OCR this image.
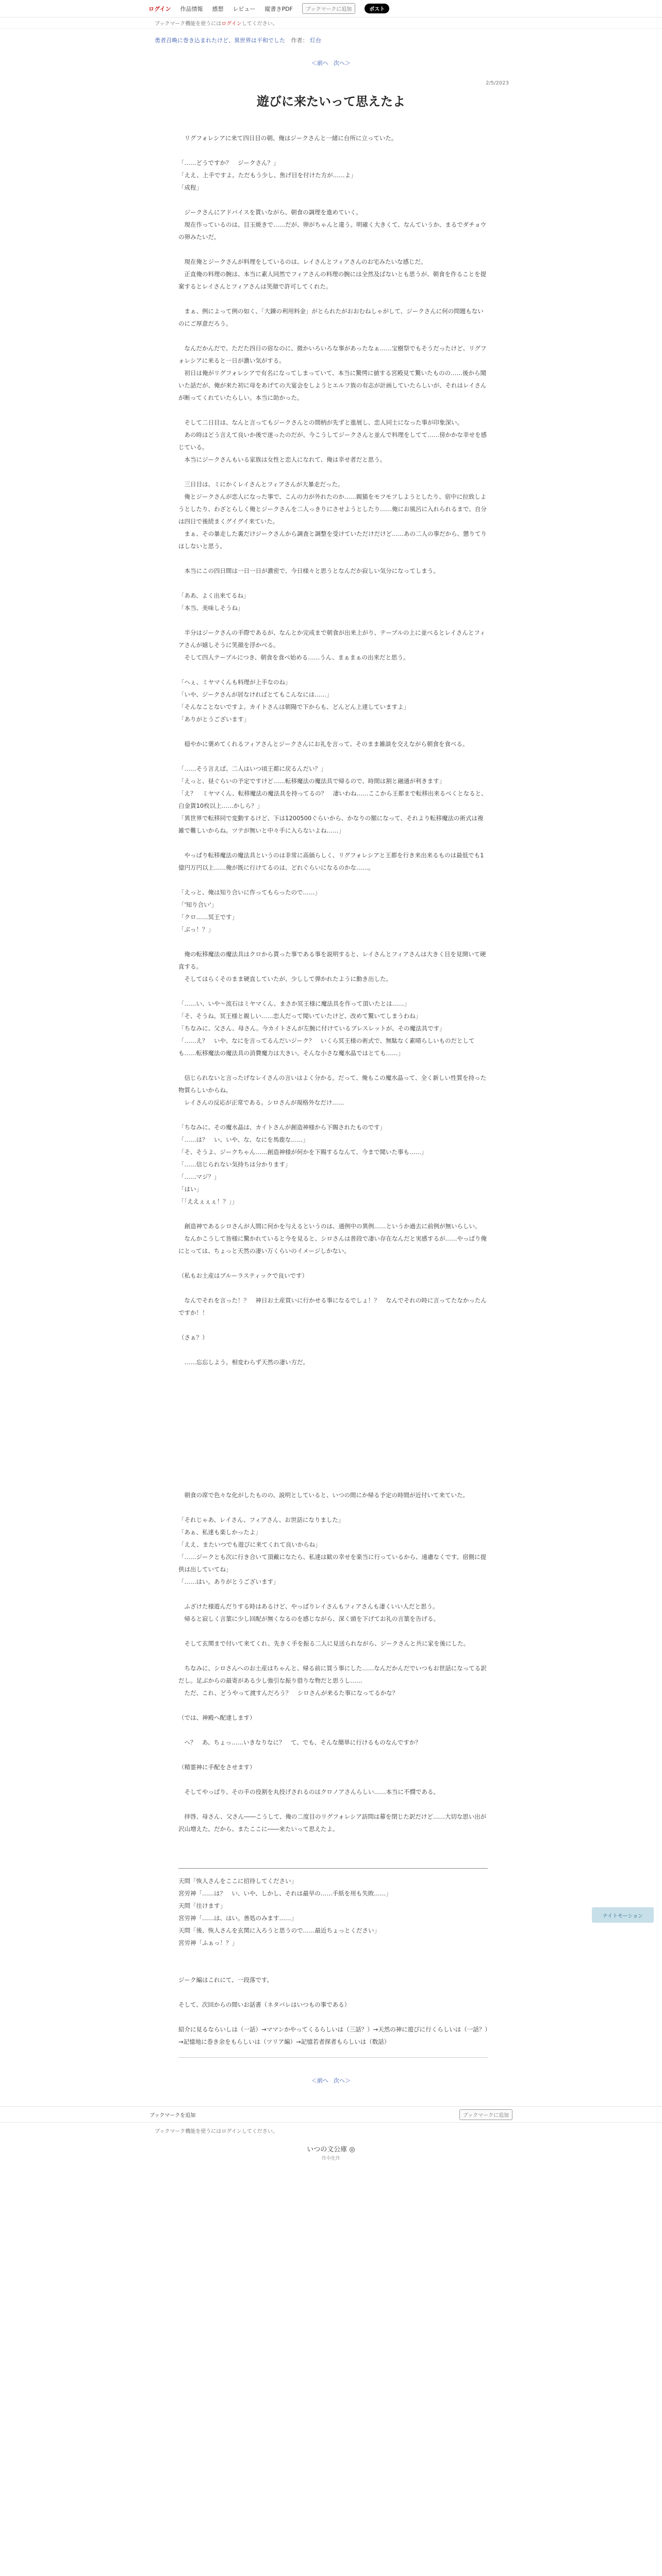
ログイン 作品情報 感想 レビュー 縦書きPDF	ブックマークに追加	ポスト
ブックマーク機能を使うには ログイン してください。
勇者召喚に巻き込まれたけど、異世界は平和でした 作者： 灯台
＜前へ 次へ＞
2/5/2023
遊びに来たいって思えたよ

　リグフォレシアに来て四日目の朝、俺はジークさんと一緒に台所に立っていた。

「……どうですか？　ジークさん？」

「ええ、上手ですよ。ただもう少し、焦げ目を付けた方が……よ」

「成程」

　ジークさんにアドバイスを貰いながら、朝食の調理を進めていく。

　現在作っているのは、目玉焼きで……だが、卵がちゃんと違う。明確く大きくて、なんていうか、まるでダチョウの卵みたいだ。

　現在俺とジークさんが料理をしているのは、レイさんとフィアさんのお宅みたいな感じだ。

　正直俺の料理の腕は、本当に素人同然でフィアさんの料理の腕には全然及ばないとも思うが、朝食を作ることを提案するとレイさんとフィアさんは笑顔で許可してくれた。

　まぁ、例によって例の如く、「大錬の利用料金」がとられたがおおむねしゃがして、ジークさんに何の問題もないのにご厚意だろう。

　なんだかんだで、ただた四日の宿なのに、微かいろいろな事があったなぁ……宝樹祭でもそうだったけど、リグフォレシアに来ると一日が濃い気がする。

　初日は俺がリグフォレシアで有名になってしまっていて、本当に驚愕に値する宮殿見て驚いたものの……後から聞いた話だが、俺が来た初に母をあげての大宴会をしようとエルフ族の有志が計画していたらしいが、それはレイさんが断ってくれていたらしい。本当に助かった。

　そして二日目は、なんと言ってもジークさんとの間柄が先ずと進展し、恋人同士になった事が印象深い。

　あの時はどう言えて良いか後で迷ったのだが、今こうしてジークさんと並んで料理をしてて……傍かかな幸せを感じている。

　本当にジークさんもいる家族は女性と恋人になれて、俺は幸せ者だと思う。

　三日目は、ミにかくレイさんとフィアさんが大暴走だった。

　俺とジークさんが恋人になった事で、こんの力が外れたのか……親猫をモフモフしようとしたり、宿中に拉致しようとしたり、わざとらしく俺とジークさんを二人っきりにさせようとしたり……俺にお風呂に入れられるまで、自分は四日で後続まくグイグイ来ていた。

　まぁ、その暴走した裏だけジークさんから調査と調整を受けていただけだけど……あの二人の事だから、懲りてりはしないと思う。

　本当にこの四日間は一日一日が濃密で、今日様々と思うとなんだか寂しい気分になってしまう。

「ああ、よく出来てるね」

「本当、美味しそうね」

　半分はジークさんの手際であるが、なんとか完成まで朝食が出来上がり、テーブルの上に並べるとレイさんとフィアさんが嬉しそうに笑顔を浮かべる。

　そして四人テーブルにつき、朝食を食べ始める……うん、まぁまぁの出来だと思う。

「へぇ、ミヤマくんも料理が上手なのね」

「いや、ジークさんが居なければとてもこんなには……」

「そんなことないですよ。カイトさんは朝陽で下からも、どんどん上達していますよ」

「ありがとうございます」

　穏やかに褒めてくれるフィアさんとジークさんにお礼を言って、そのまま雑談を交えながら朝食を食べる。

「……そう言えば、二人はいつ頃王都に戻るんだい？」

「えっと、昼ぐらいの予定ですけど……転移魔法の魔法具で帰るので、時間は割と融通が利きます」

「え？　ミヤマくん、転移魔法の魔法具を持ってるの？　凄いわね……ここから王都まで転移出来るべくとなると、白金貨10枚以上……かしら？」

「異世界で転移同で変動するけど、下は1200500ぐらいから、かなりの額になって、それより転移魔法の術式は複雑で難しいからね。ツテが無いと中々手に入らないよね……」

　やっぱり転移魔法の魔法具というのは非常に高価らしく、リグフォレシアと王都を行き来出来るものは最低でも1億円万円以上……俺が既に行けてるのは、どれぐらいになるのかな……。

「えっと、俺は知り合いに作ってもらったので……」

「'知り合い'」

「クロ……冥王です」

「ぶっ！？」

　俺の転移魔法の魔法具はクロから貰った事である事を説明すると、レイさんとフィアさんは大きく目を見開いて硬直する。

　そしてはらくそのまま硬直していたが、少しして弾かれたように動き出した。

「……い、いや～流石はミヤマくん、まさか冥王様に魔法具を作って頂いたとは……」

「そ、そうね。冥王様と親しい……恋人だって聞いていたけど、改めて驚いてしまうわね」

「ちなみに、父さん、母さん。今カイトさんが左腕に付けているブレスレットが、その魔法具です」

「……え？　いや、なにを言ってるんだいジーク？　いくら冥王様の術式で、無駄なく素晴らしいものだとしても……転移魔法の魔法具の消費魔力は大きい。そんな小さな魔水晶ではとても……」

　信じられないと言ったげなレイさんの言いはよく分かる。だって、俺もこの魔水晶って、全く新しい性質を持った物質らしいからね。

　レイさんの反応が正常である。シロさんが規格外なだけ……

「ちなみに、その魔水晶は、カイトさんが創造神様から下賜されたものです」

「……は？　い、いや、な、なにを馬鹿な……」

「そ、そうよ、ジークちゃん……創造神様が何かを下賜するなんて、今まで聞いた事も……」

「……信じられない気持ちは分かります」

「……マジ？」

「はい」

「「ええぇぇぇ！？」」

　創造神であるシロさんが人間に何かを与えるというのは、通例中の異例……というか過去に前例が無いらしい。

　なんかこうして皆様に驚かれていると今を見ると、シロさんは普段で凄い存在なんだと実感するが……やっぱり俺にとっては、ちょっと天然の凄い万くらいのイメージしかない。

（私もお土産はブルーラスティックで良いです）

　なんでそれを言った！？　神日お土産買いに行かせる事になるでしょ！？　なんでそれの時に言ってたなかったんですか！！

（さぁ？）

　……忘忘しよう。相変わらず天然の凄い方だ。

　朝食の席で色々な化がしたものの、説明としていると、いつの間にか帰る予定の時間が近付いて来ていた。

「それじゃあ、レイさん、フィアさん、お世話になりました」

「あぁ、私達も楽しかったよ」

「ええ、またいつでも遊びに来てくれて良いからね」

「……ジークとも次に行き合いて頂戴になたら、私達は歓の幸せを楽当に行っているから、遠慮なくです。宿側に提供は出していてね」

「……はい。ありがとうございます」

　ふざけた様遊んだりする時はあるけど、やっぱりレイさんもフィアさんも凄くいい人だと思う。

　帰ると寂しく言葉に少し回配が無くなるのを感じながら、深く頭を下げてお礼の言葉を告げる。

　そして玄関まで付いて来てくれ、先きく手を振る二人に見送られながら、ジークさんと共に家を後にした。

　ちなみに、シロさんへのお土産はちゃんと、帰る前に買う事にした……なんだかんだでいつもお世話になってる訳だし。足ぶからの最寄がある少し強引な振り借りな物だと思うし……

　ただ、これ、どうやって渡すんだろう？　シロさんが来るた事になってるかな？

（では、神殿へ配達します）

　ヘ？　あ、ちょっ……いきなりなに？　て、でも、そんな簡単に行けるものなんですか？

（精霊神に手配をさせます）

　そしてやっぱり、その手の役割を丸投げされるのはクロノアさんらしい……本当に不憫である。

　拝啓、母さん、父さん――こうして、俺の二度目のリグフォレシア訪問は幕を閉じた訳だけど……大切な思い出が沢山増えた。だから、またここに――来たいって思えたよ。

天問「恢人さんをここに招待してください」

宮労神「……は？　い、いや、しかし、それは最早の……手紙を用も失敗……」

天問「往けます」

宮労神「……は、はい。善処のみます……」

天問「後、恢人さんを玄関に入ろうと思うので……最近ちょっとください」

宮労神「ふぁっ！？」

ジーク編はこれにて、一段落です。

そして、次回からの間いお話書（ネタバレはいつもの事である）

紹介に見るならいしは（一話）→ママンかやってくるらしいは（三話？）→天然の神に遊びに行くらしいは（一話？）→記憶地に巻き余をもらしいは（ツリア編）→記憶若者探者もらしいは（数話）

＜前へ 次へ＞
ブックマークを追加	ブックマークに追加
ブックマーク機能を使うにはログインしてください。
いつの文公庫 ◎
作中化作
ナイトモーション
